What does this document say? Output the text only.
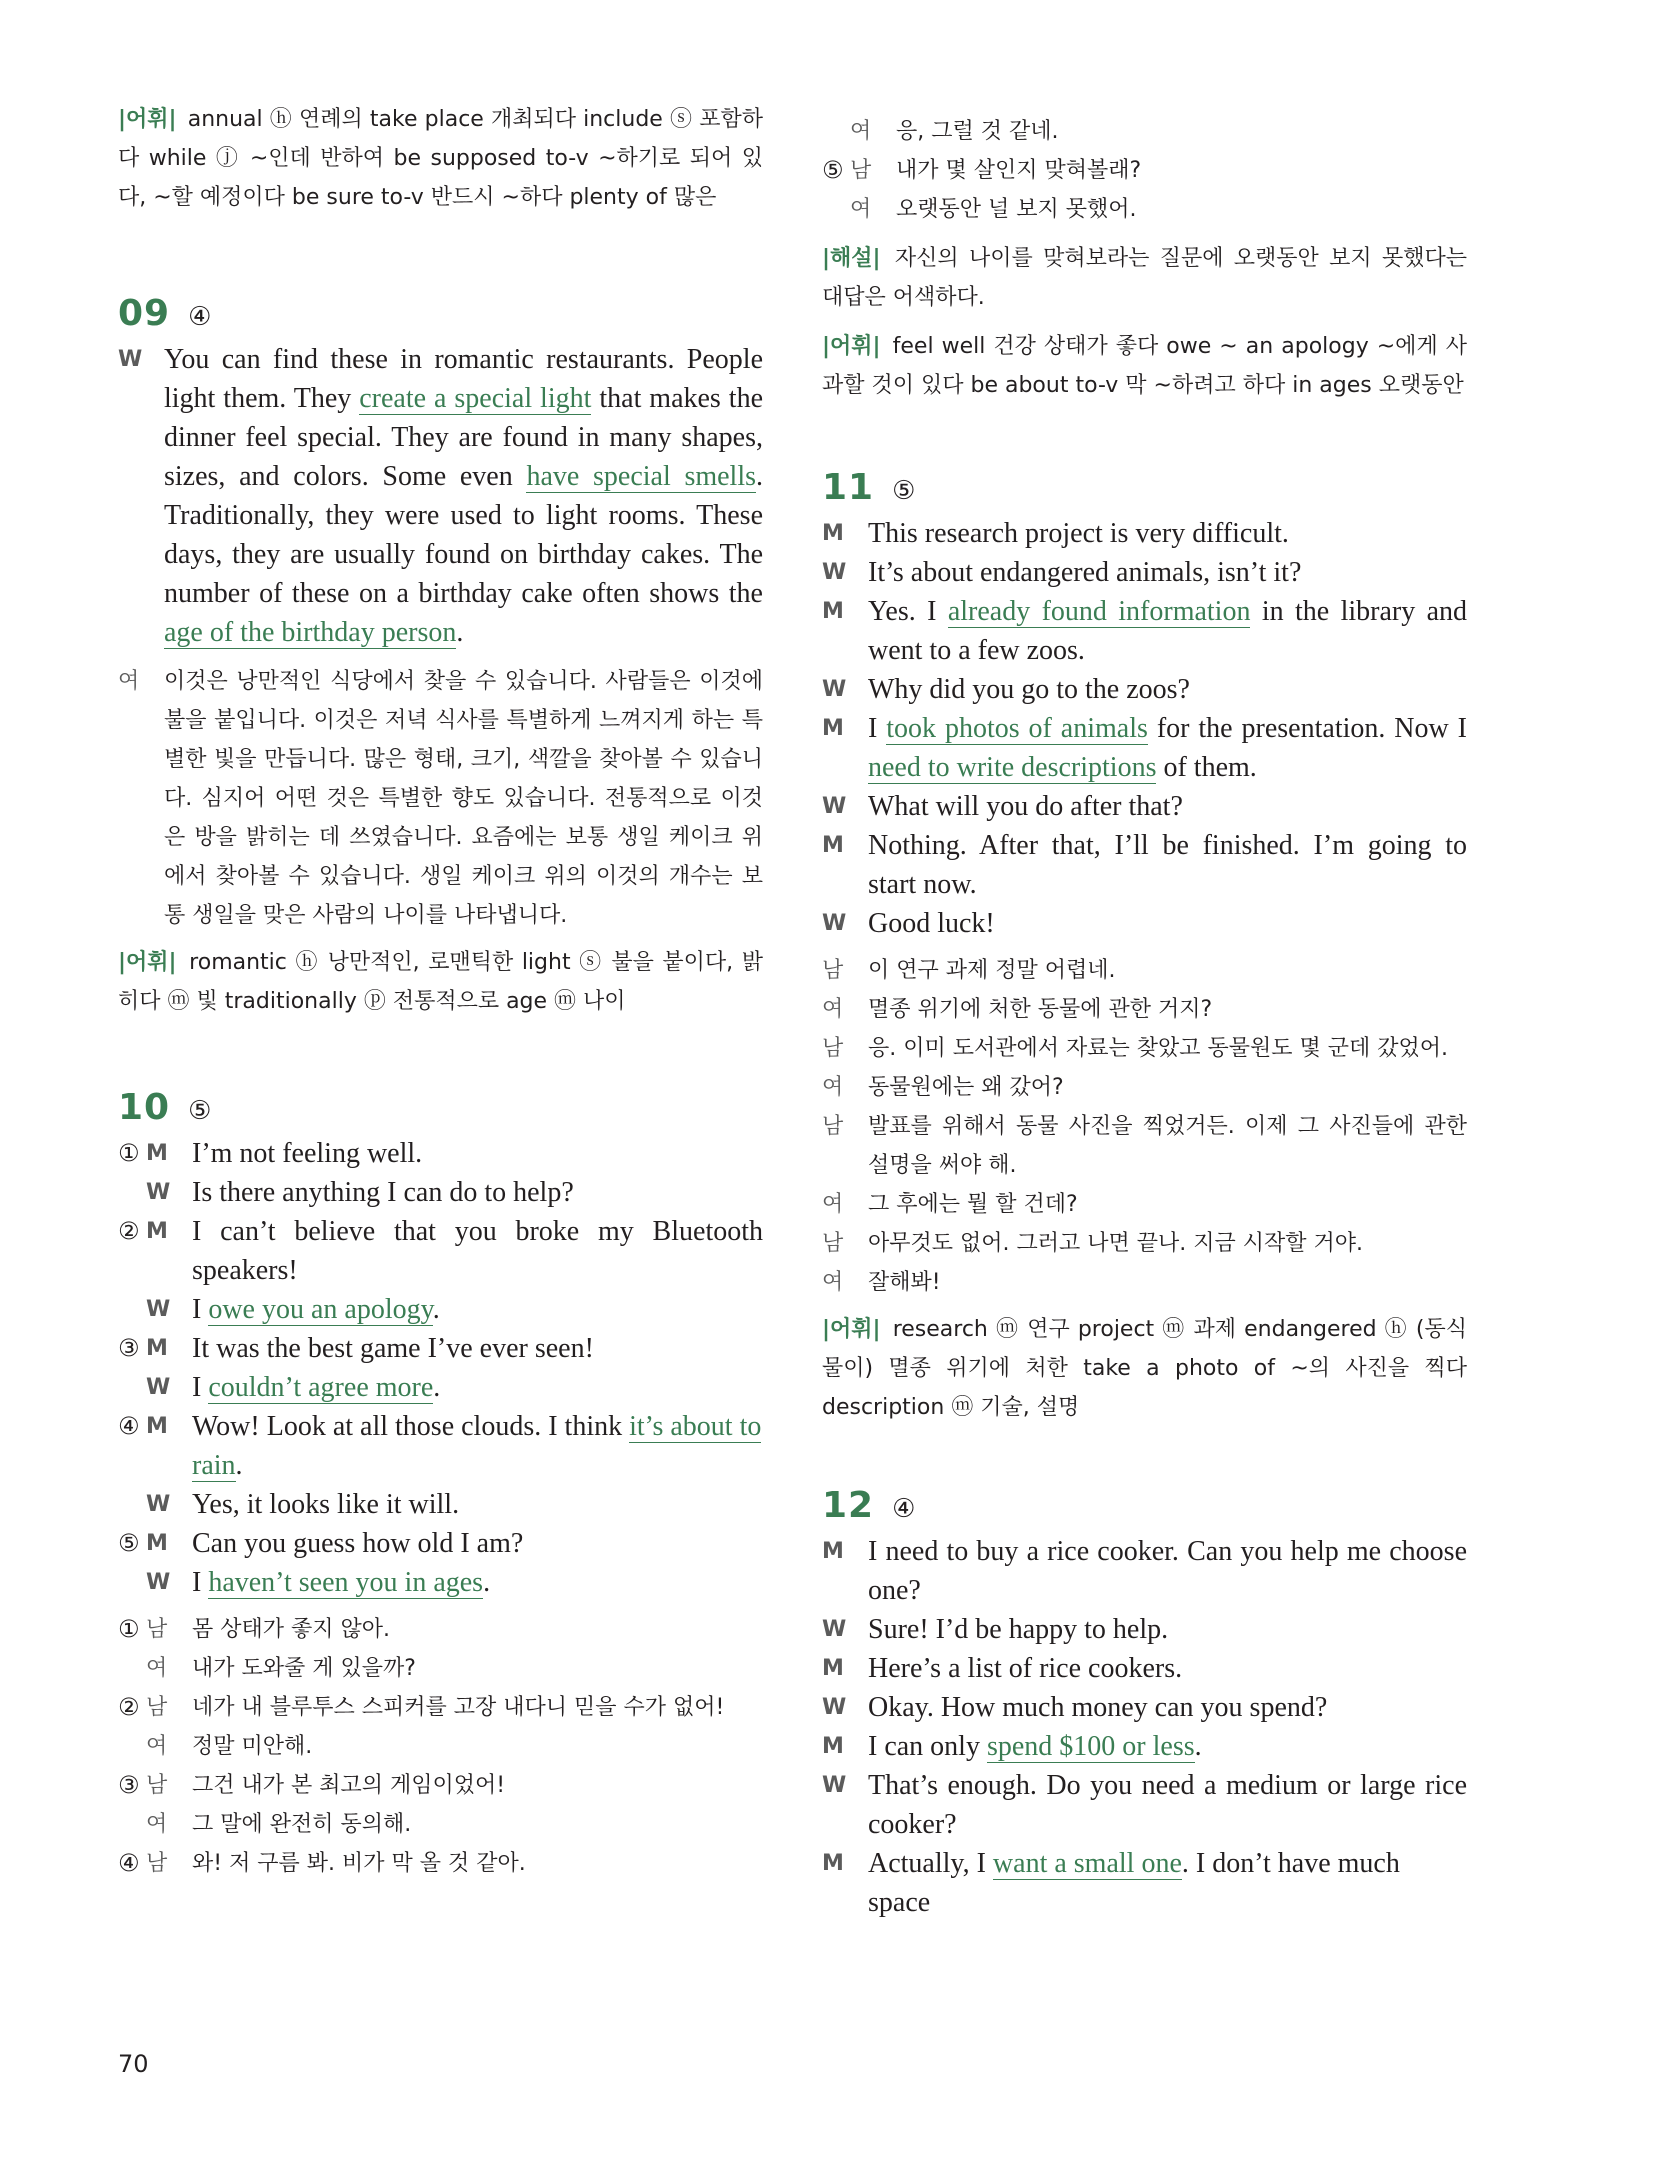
|어휘| annual ⓗ 연례의 take place 개최되다 include ⓢ 포함하다 while ⓙ ~인데 반하여 be supposed to-v ~하기로 되어 있다, ~할 예정이다 be sure to-v 반드시 ~하다 plenty of 많은
09 ④
W You can find these in romantic restaurants. People light them. They create a special light that makes the dinner feel special. They are found in many shapes, sizes, and colors. Some even have special smells. Traditionally, they were used to light rooms. These days, they are usually found on birthday cakes. The number of these on a birthday cake often shows the age of the birthday person.
여	이것은 낭만적인 식당에서 찾을 수 있습니다. 사람들은 이것에 불을 붙입니다. 이것은 저녁 식사를 특별하게 느껴지게 하는 특별한 빛을 만듭니다. 많은 형태, 크기, 색깔을 찾아볼 수 있습니다. 심지어 어떤 것은 특별한 향도 있습니다. 전통적으로 이것은 방을 밝히는 데 쓰였습니다. 요즘에는 보통 생일 케이크 위에서 찾아볼 수 있습니다. 생일 케이크 위의 이것의 개수는 보통 생일을 맞은 사람의 나이를 나타냅니다.
|어휘| romantic ⓗ 낭만적인, 로맨틱한 light ⓢ 불을 붙이다, 밝히다 ⓜ 빛 traditionally ⓟ 전통적으로 age ⓜ 나이
10 ⑤
① M I’m not feeling well.
W Is there anything I can do to help?
② M I can’t believe that you broke my Bluetooth speakers!
W I owe you an apology.
③ M It was the best game I’ve ever seen!
W I couldn’t agree more.
④ M Wow! Look at all those clouds. I think it’s about to rain.
W Yes, it looks like it will.
⑤ M Can you guess how old I am?
W I haven’t seen you in ages.
① 남	몸 상태가 좋지 않아.
여	내가 도와줄 게 있을까?
② 남	네가 내 블루투스 스피커를 고장 내다니 믿을 수가 없어!
여	정말 미안해.
③ 남	그건 내가 본 최고의 게임이었어!
여	그 말에 완전히 동의해.
④ 남	와! 저 구름 봐. 비가 막 올 것 같아.
여	응, 그럴 것 같네.
⑤ 남	내가 몇 살인지 맞혀볼래?
여	오랫동안 널 보지 못했어.
|해설| 자신의 나이를 맞혀보라는 질문에 오랫동안 보지 못했다는 대답은 어색하다.
|어휘| feel well 건강 상태가 좋다 owe ~ an apology ~에게 사과할 것이 있다 be about to-v 막 ~하려고 하다 in ages 오랫동안
11 ⑤
M This research project is very difficult.
W It’s about endangered animals, isn’t it?
M Yes. I already found information in the library and went to a few zoos.
W Why did you go to the zoos?
M I took photos of animals for the presentation. Now I need to write descriptions of them.
W What will you do after that?
M Nothing. After that, I’ll be finished. I’m going to start now.
W Good luck!
남	이 연구 과제 정말 어렵네.
여	멸종 위기에 처한 동물에 관한 거지?
남	응. 이미 도서관에서 자료는 찾았고 동물원도 몇 군데 갔었어.
여	동물원에는 왜 갔어?
남	발표를 위해서 동물 사진을 찍었거든. 이제 그 사진들에 관한 설명을 써야 해.
여	그 후에는 뭘 할 건데?
남	아무것도 없어. 그러고 나면 끝나. 지금 시작할 거야.
여	잘해봐!
|어휘| research ⓜ 연구 project ⓜ 과제 endangered ⓗ (동식물이) 멸종 위기에 처한 take a photo of ~의 사진을 찍다 description ⓜ 기술, 설명
12 ④
M I need to buy a rice cooker. Can you help me choose one?
W Sure! I’d be happy to help.
M Here’s a list of rice cookers.
W Okay. How much money can you spend?
M I can only spend $100 or less.
W That’s enough. Do you need a medium or large rice cooker?
M Actually, I want a small one. I don’t have much space
70
